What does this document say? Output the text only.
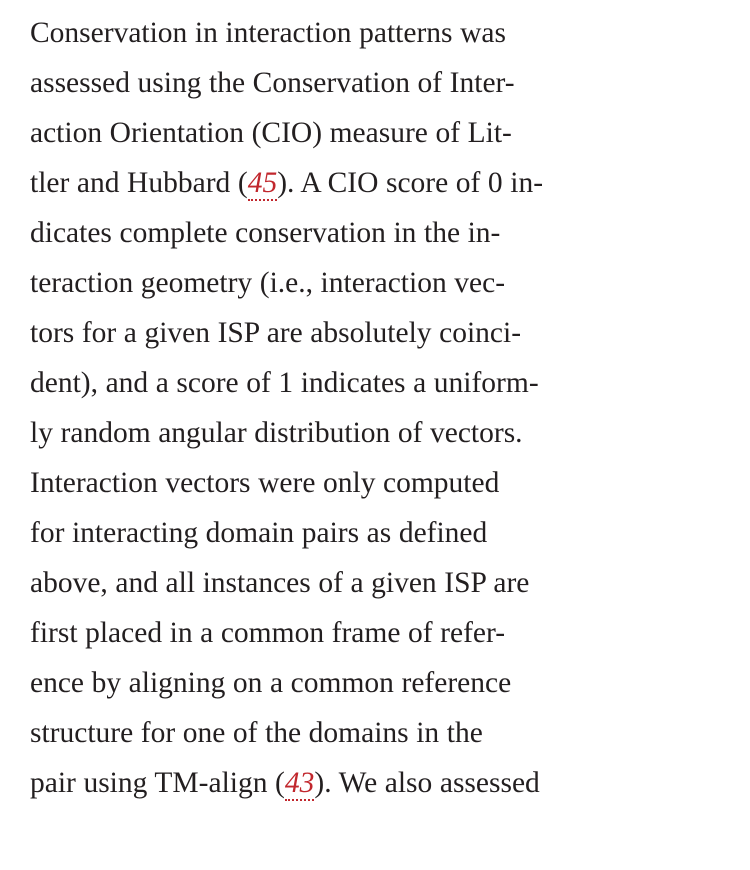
Conservation in interaction patterns was
assessed using the Conservation of Inter-
action Orientation (CIO) measure of Lit-
tler and Hubbard (45). A CIO score of 0 in-
dicates complete conservation in the in-
teraction geometry (i.e., interaction vec-
tors for a given ISP are absolutely coinci-
dent), and a score of 1 indicates a uniform-
ly random angular distribution of vectors.
Interaction vectors were only computed
for interacting domain pairs as defined
above, and all instances of a given ISP are
first placed in a common frame of refer-
ence by aligning on a common reference
structure for one of the domains in the
pair using TM-align (43). We also assessed
